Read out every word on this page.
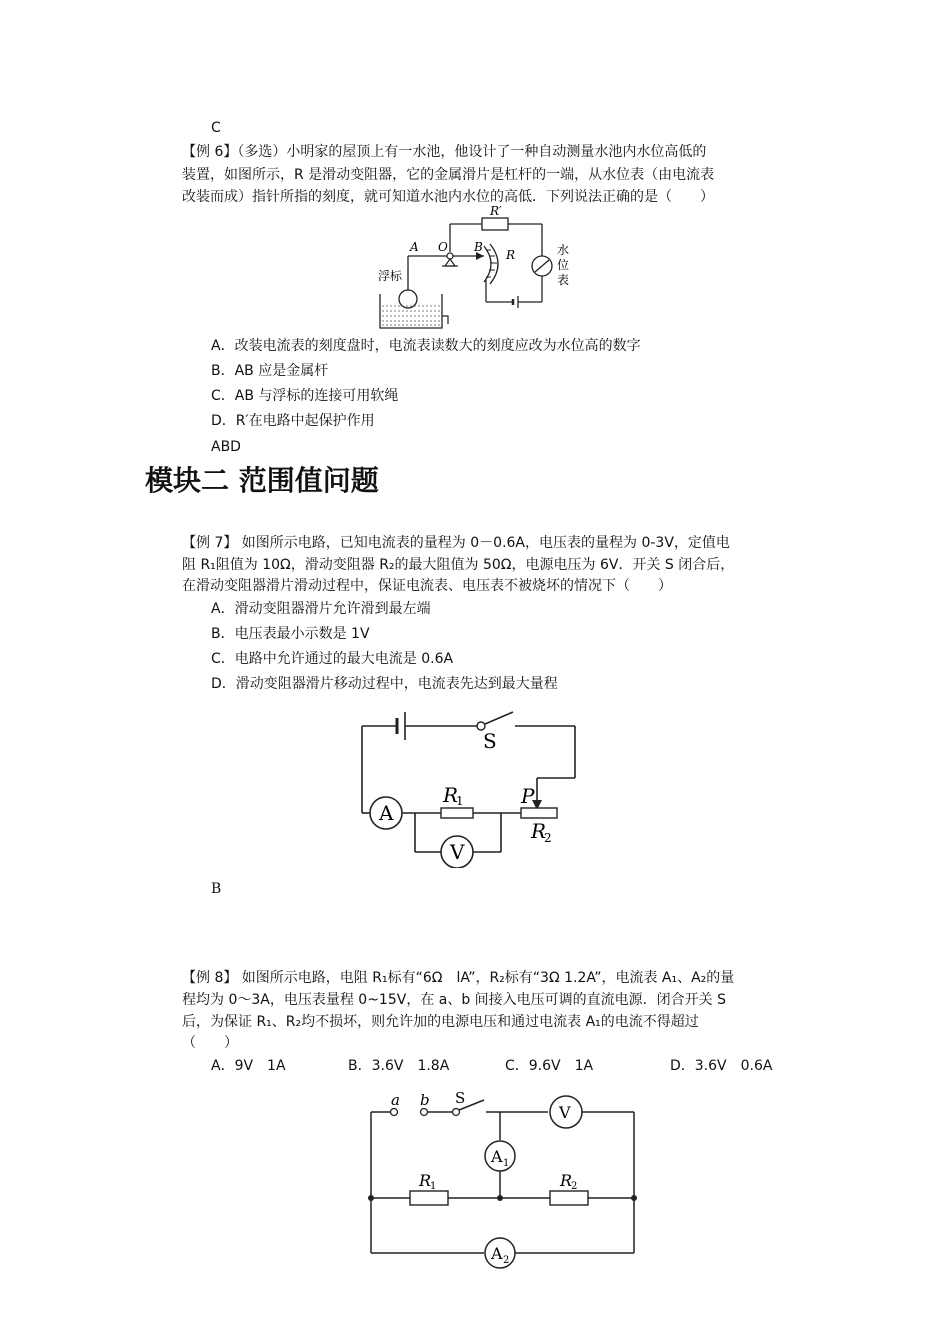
C
【例 6】（多选）小明家的屋顶上有一水池，他设计了一种自动测量水池内水位高低的
装置，如图所示，R 是滑动变阻器，它的金属滑片是杠杆的一端，从水位表（由电流表
改装而成）指针所指的刻度，就可知道水池内水位的高低．下列说法正确的是（　　）
R′
水
位
表
R
A O B
浮标
A．改装电流表的刻度盘时，电流表读数大的刻度应改为水位高的数字
B．AB 应是金属杆
C．AB 与浮标的连接可用软绳
D．R′在电路中起保护作用
ABD
模块二 范围值问题
【例 7】 如图所示电路，已知电流表的量程为 0－0.6A，电压表的量程为 0-3V，定值电
阻 R₁阻值为 10Ω，滑动变阻器 R₂的最大阻值为 50Ω，电源电压为 6V．开关 S 闭合后，
在滑动变阻器滑片滑动过程中，保证电流表、电压表不被烧坏的情况下（　　）
A．滑动变阻器滑片允许滑到最左端
B．电压表最小示数是 1V
C．电路中允许通过的最大电流是 0.6A
D．滑动变阻器滑片移动过程中，电流表先达到最大量程
S
P
A
R
1
R
2
V
B
【例 8】 如图所示电路，电阻 R₁标有“6Ω　lA”，R₂标有“3Ω 1.2A”，电流表 A₁、A₂的量
程均为 0～3A，电压表量程 0~15V，在 a、b 间接入电压可调的直流电源．闭合开关 S
后，为保证 R₁、R₂均不损坏，则允许加的电源电压和通过电流表 A₁的电流不得超过
（　　）
A．9V　1A	B．3.6V　1.8A	C．9.6V　1A	D．3.6V　0.6A
a b S
V
A 1
R
1	R
2
A 2
